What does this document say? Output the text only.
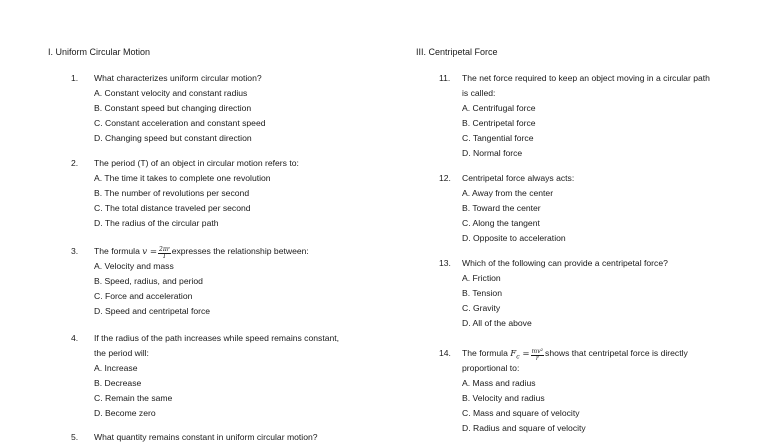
I. Uniform Circular Motion
1. What characterizes uniform circular motion?
A. Constant velocity and constant radius
B. Constant speed but changing direction
C. Constant acceleration and constant speed
D. Changing speed but constant direction
2. The period (T) of an object in circular motion refers to:
A. The time it takes to complete one revolution
B. The number of revolutions per second
C. The total distance traveled per second
D. The radius of the circular path
3. The formula $v = \frac{2\pi r}{T}$ expresses the relationship between:
A. Velocity and mass
B. Speed, radius, and period
C. Force and acceleration
D. Speed and centripetal force
4. If the radius of the path increases while speed remains constant,
the period will:
A. Increase
B. Decrease
C. Remain the same
D. Become zero
5. What quantity remains constant in uniform circular motion?
III. Centripetal Force
11. The net force required to keep an object moving in a circular path
is called:
A. Centrifugal force
B. Centripetal force
C. Tangential force
D. Normal force
12. Centripetal force always acts:
A. Away from the center
B. Toward the center
C. Along the tangent
D. Opposite to acceleration
13. Which of the following can provide a centripetal force?
A. Friction
B. Tension
C. Gravity
D. All of the above
14. The formula $F_c = \frac{\text{mv²}}{r}$ shows that centripetal force is directly
proportional to:
A. Mass and radius
B. Velocity and radius
C. Mass and square of velocity
D. Radius and square of velocity
